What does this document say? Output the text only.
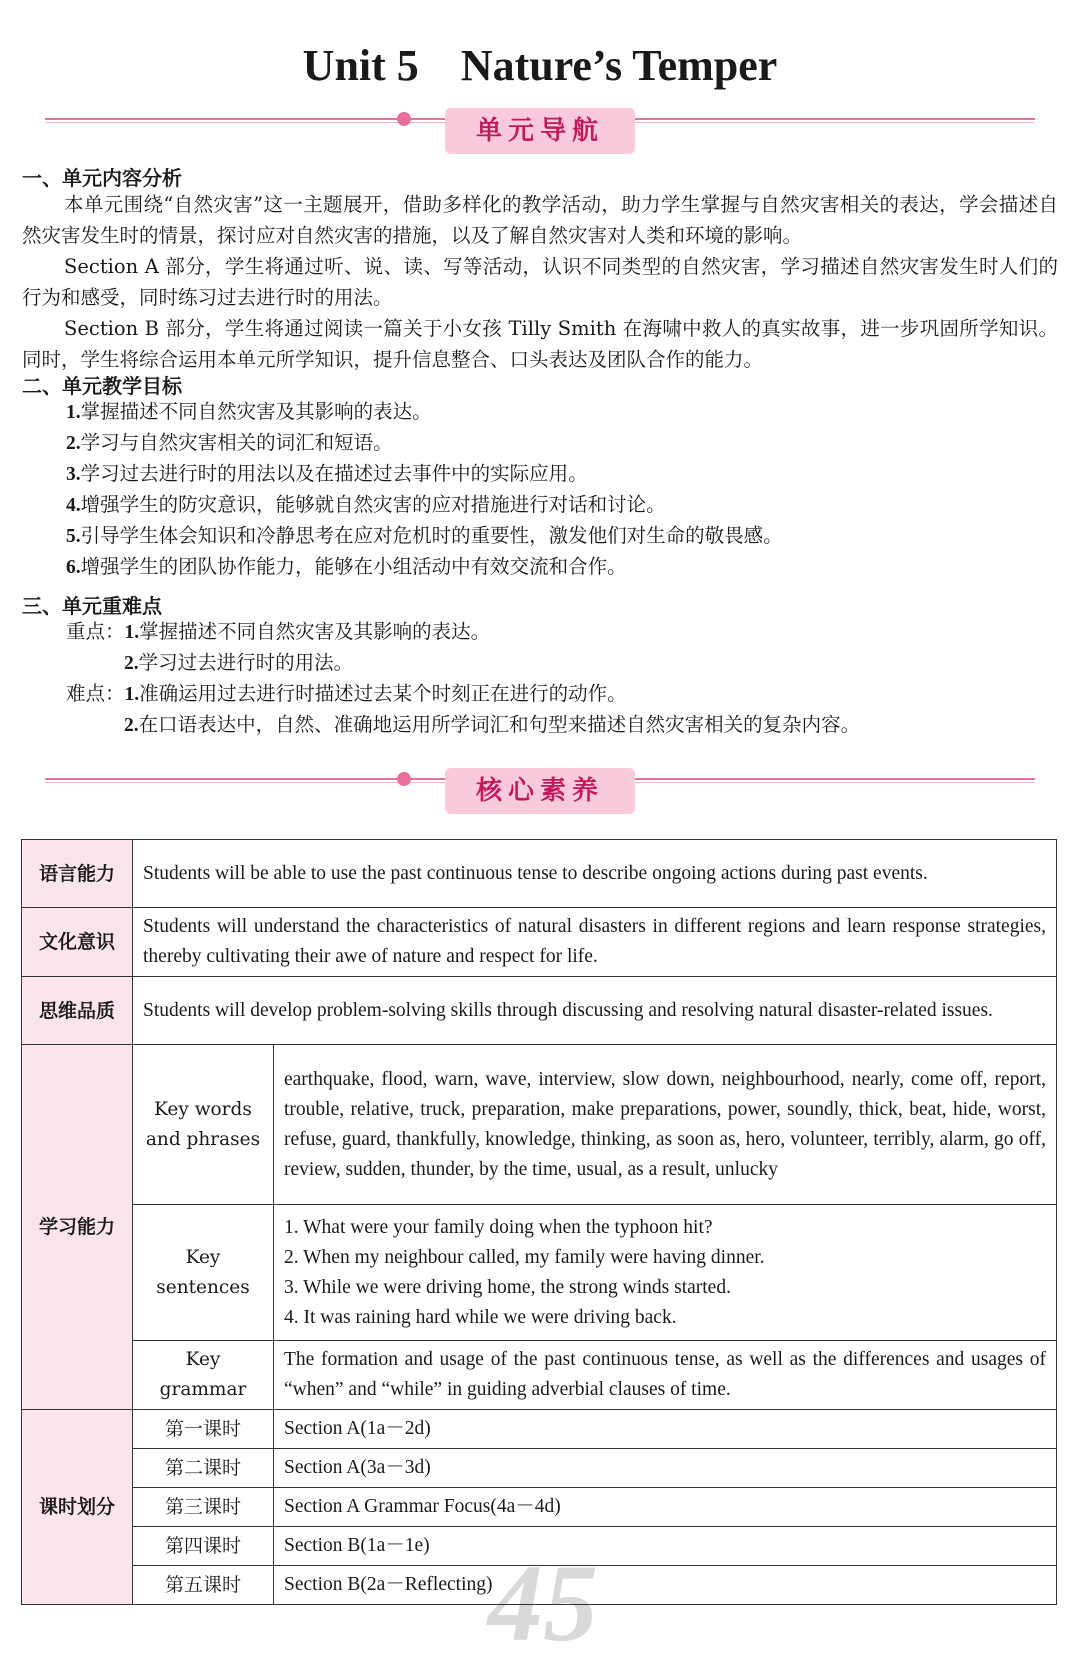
45
Unit 5 Nature’s Temper
单元导航
一、单元内容分析
本单元围绕“自然灾害”这一主题展开，借助多样化的教学活动，助力学生掌握与自然灾害相关的表达，学会描述自然灾害发生时的情景，探讨应对自然灾害的措施，以及了解自然灾害对人类和环境的影响。
Section A 部分，学生将通过听、说、读、写等活动，认识不同类型的自然灾害，学习描述自然灾害发生时人们的行为和感受，同时练习过去进行时的用法。
Section B 部分，学生将通过阅读一篇关于小女孩 Tilly Smith 在海啸中救人的真实故事，进一步巩固所学知识。同时，学生将综合运用本单元所学知识，提升信息整合、口头表达及团队合作的能力。
二、单元教学目标
1.掌握描述不同自然灾害及其影响的表达。
2.学习与自然灾害相关的词汇和短语。
3.学习过去进行时的用法以及在描述过去事件中的实际应用。
4.增强学生的防灾意识，能够就自然灾害的应对措施进行对话和讨论。
5.引导学生体会知识和冷静思考在应对危机时的重要性，激发他们对生命的敬畏感。
6.增强学生的团队协作能力，能够在小组活动中有效交流和合作。
三、单元重难点
重点：1.掌握描述不同自然灾害及其影响的表达。
2.学习过去进行时的用法。
难点：1.准确运用过去进行时描述过去某个时刻正在进行的动作。
2.在口语表达中，自然、准确地运用所学词汇和句型来描述自然灾害相关的复杂内容。
核心素养
语言能力	Students will be able to use the past continuous tense to describe ongoing actions during past events.	
文化意识	Students will understand the characteristics of natural disasters in different regions and learn response strategies, thereby cultivating their awe of nature and respect for life.	
思维品质	Students will develop problem-solving skills through discussing and resolving natural disaster-related issues.	
学习能力	Key words and phrases	earthquake, flood, warn, wave, interview, slow down, neighbourhood, nearly, come off, report, trouble, relative, truck, preparation, make preparations, power, soundly, thick, beat, hide, worst, refuse, guard, thankfully, knowledge, thinking, as soon as, hero, volunteer, terribly, alarm, go off, review, sudden, thunder, by the time, usual, as a result, unlucky
	Key sentences	1. What were your family doing when the typhoon hit?
2. When my neighbour called, my family were having dinner.
3. While we were driving home, the strong winds started.
4. It was raining hard while we were driving back.

	Key grammar	The formation and usage of the past continuous tense, as well as the differences and usages of “when” and “while” in guiding adverbial clauses of time.
课时划分	第一课时	Section A(1a－2d)
	第二课时	Section A(3a－3d)
	第三课时	Section A Grammar Focus(4a－4d)
	第四课时	Section B(1a－1e)
	第五课时	Section B(2a－Reflecting)
